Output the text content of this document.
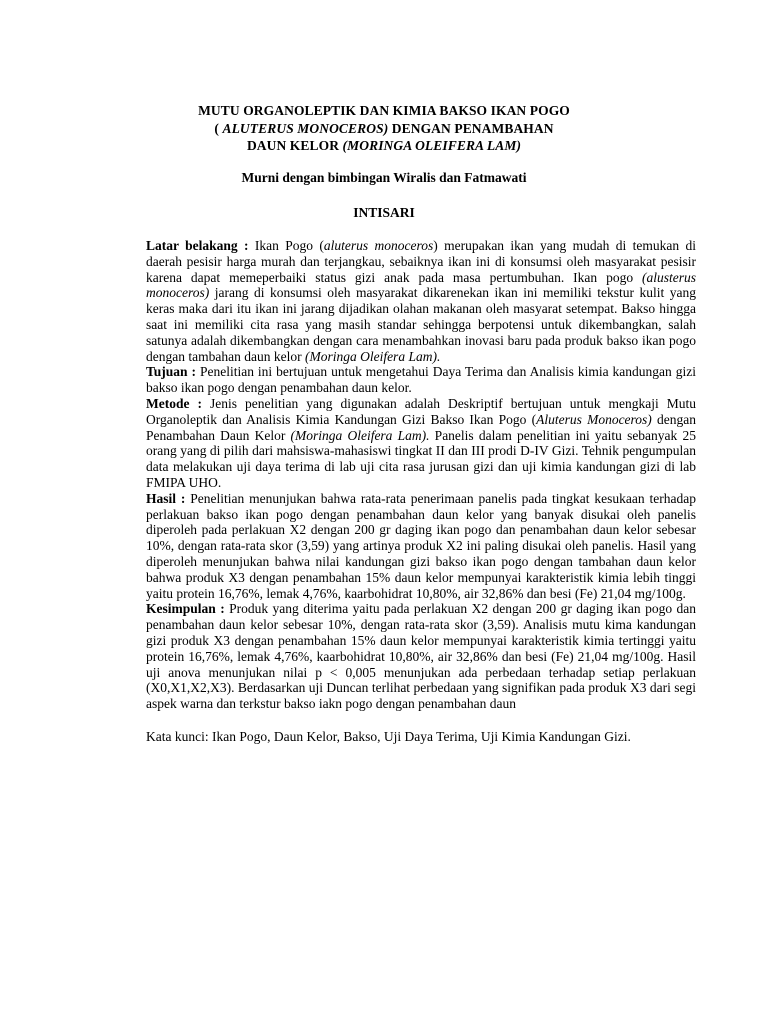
MUTU ORGANOLEPTIK DAN KIMIA BAKSO IKAN POGO
( ALUTERUS MONOCEROS) DENGAN PENAMBAHAN
DAUN KELOR (MORINGA OLEIFERA LAM)
Murni dengan bimbingan Wiralis dan Fatmawati
INTISARI

Latar belakang : Ikan Pogo (aluterus monoceros) merupakan ikan yang mudah di temukan di daerah pesisir harga murah dan terjangkau, sebaiknya ikan ini di konsumsi oleh masyarakat pesisir karena dapat memeperbaiki status gizi anak pada masa pertumbuhan. Ikan pogo (alusterus monoceros) jarang di konsumsi oleh masyarakat dikarenekan ikan ini memiliki tekstur kulit yang keras maka dari itu ikan ini jarang dijadikan olahan makanan oleh masyarat setempat. Bakso hingga saat ini memiliki cita rasa yang masih standar sehingga berpotensi untuk dikembangkan, salah satunya adalah dikembangkan dengan cara menambahkan inovasi baru pada produk bakso ikan pogo dengan tambahan daun kelor (Moringa Oleifera Lam).

Tujuan : Penelitian ini bertujuan untuk mengetahui Daya Terima dan Analisis kimia kandungan gizi bakso ikan pogo dengan penambahan daun kelor.

Metode : Jenis penelitian yang digunakan adalah Deskriptif bertujuan untuk mengkaji Mutu Organoleptik dan Analisis Kimia Kandungan Gizi Bakso Ikan Pogo (Aluterus Monoceros) dengan Penambahan Daun Kelor (Moringa Oleifera Lam). Panelis dalam penelitian ini yaitu sebanyak 25 orang yang di pilih dari mahsiswa-mahasiswi tingkat II dan III prodi D-IV Gizi. Tehnik pengumpulan data melakukan uji daya terima di lab uji cita rasa jurusan gizi dan uji kimia kandungan gizi di lab FMIPA UHO.

Hasil : Penelitian menunjukan bahwa rata-rata penerimaan panelis pada tingkat kesukaan terhadap perlakuan bakso ikan pogo dengan penambahan daun kelor yang banyak disukai oleh panelis diperoleh pada perlakuan X2 dengan 200 gr daging ikan pogo dan penambahan daun kelor sebesar 10%, dengan rata-rata skor (3,59) yang artinya produk X2 ini paling disukai oleh panelis. Hasil yang diperoleh menunjukan bahwa nilai kandungan gizi bakso ikan pogo dengan tambahan daun kelor bahwa produk X3 dengan penambahan 15% daun kelor mempunyai karakteristik kimia lebih tinggi yaitu protein 16,76%, lemak 4,76%, kaarbohidrat 10,80%, air 32,86% dan besi (Fe) 21,04 mg/100g.

Kesimpulan : Produk yang diterima yaitu pada perlakuan X2 dengan 200 gr daging ikan pogo dan penambahan daun kelor sebesar 10%, dengan rata-rata skor (3,59). Analisis mutu kima kandungan gizi produk X3 dengan penambahan 15% daun kelor mempunyai karakteristik kimia tertinggi yaitu protein 16,76%, lemak 4,76%, kaarbohidrat 10,80%, air 32,86% dan besi (Fe) 21,04 mg/100g. Hasil uji anova menunjukan nilai p < 0,005 menunjukan ada perbedaan terhadap setiap perlakuan (X0,X1,X2,X3). Berdasarkan uji Duncan terlihat perbedaan yang signifikan pada produk X3 dari segi aspek warna dan terkstur bakso iakn pogo dengan penambahan daun

Kata kunci: Ikan Pogo, Daun Kelor, Bakso, Uji Daya Terima, Uji Kimia Kandungan Gizi.
